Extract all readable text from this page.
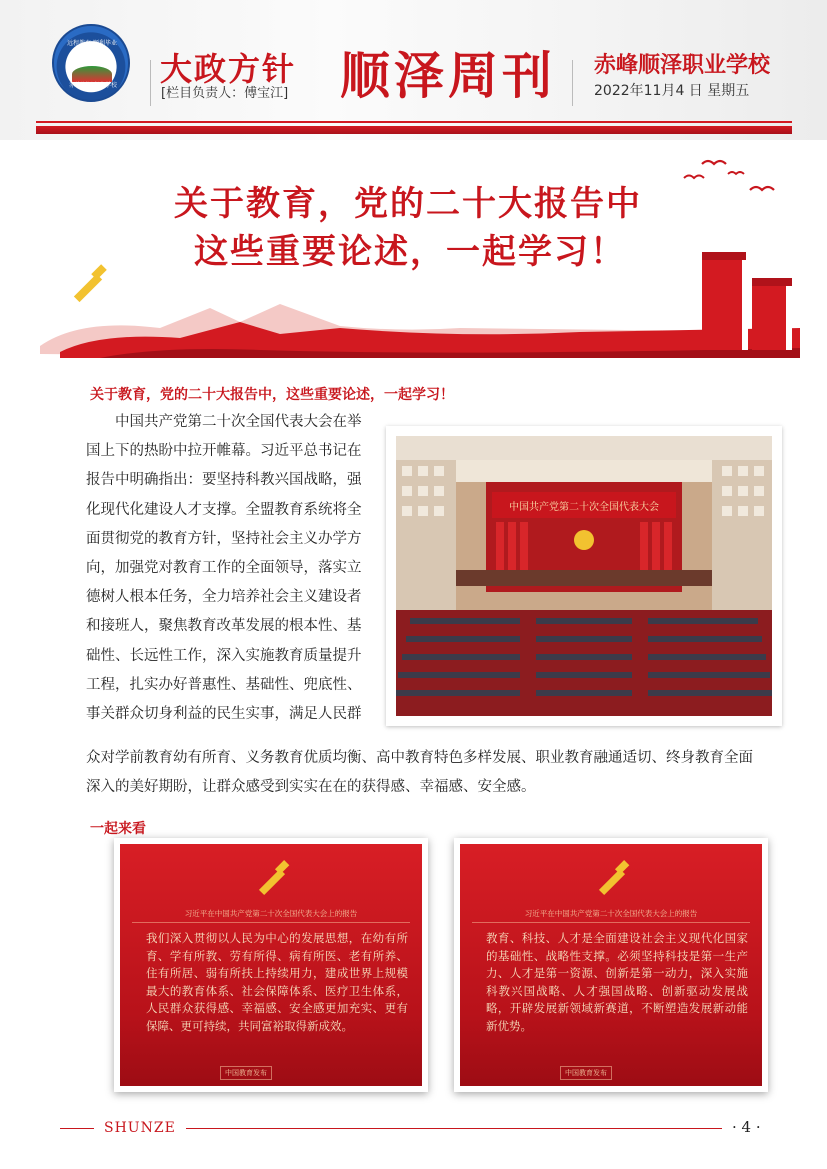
远程教育 顺利毕业
赤峰顺泽职业学校 大政方针
[栏目负责人：傅宝江] 顺泽周刊 赤峰顺泽职业学校
2022年11月4 日 星期五
关于教育，党的二十大报告中
这些重要论述，一起学习！
关于教育，党的二十大报告中，这些重要论述，一起学习！

　　中国共产党第二十次全国代表大会在举

国上下的热盼中拉开帷幕。习近平总书记在

报告中明确指出：要坚持科教兴国战略，强

化现代化建设人才支撑。全盟教育系统将全

面贯彻党的教育方针，坚持社会主义办学方

向，加强党对教育工作的全面领导，落实立

德树人根本任务，全力培养社会主义建设者

和接班人，聚焦教育改革发展的根本性、基

础性、长远性工作，深入实施教育质量提升

工程，扎实办好普惠性、基础性、兜底性、

事关群众切身利益的民生实事，满足人民群

中国共产党第二十次全国代表大会

众对学前教育幼有所育、义务教育优质均衡、高中教育特色多样发展、职业教育融通适切、终身教育全面

深入的美好期盼，让群众感受到实实在在的获得感、幸福感、安全感。

一起来看
习近平在中国共产党第二十次全国代表大会上的报告
我们深入贯彻以人民为中心的发展思想，在幼有所育、学有所教、劳有所得、病有所医、老有所养、住有所居、弱有所扶上持续用力，建成世界上规模最大的教育体系、社会保障体系、医疗卫生体系，人民群众获得感、幸福感、安全感更加充实、更有保障、更可持续，共同富裕取得新成效。
中国教育发布
习近平在中国共产党第二十次全国代表大会上的报告
教育、科技、人才是全面建设社会主义现代化国家的基础性、战略性支撑。必须坚持科技是第一生产力、人才是第一资源、创新是第一动力，深入实施科教兴国战略、人才强国战略、创新驱动发展战略，开辟发展新领域新赛道，不断塑造发展新动能新优势。
中国教育发布
SHUNZE	· 4 ·
